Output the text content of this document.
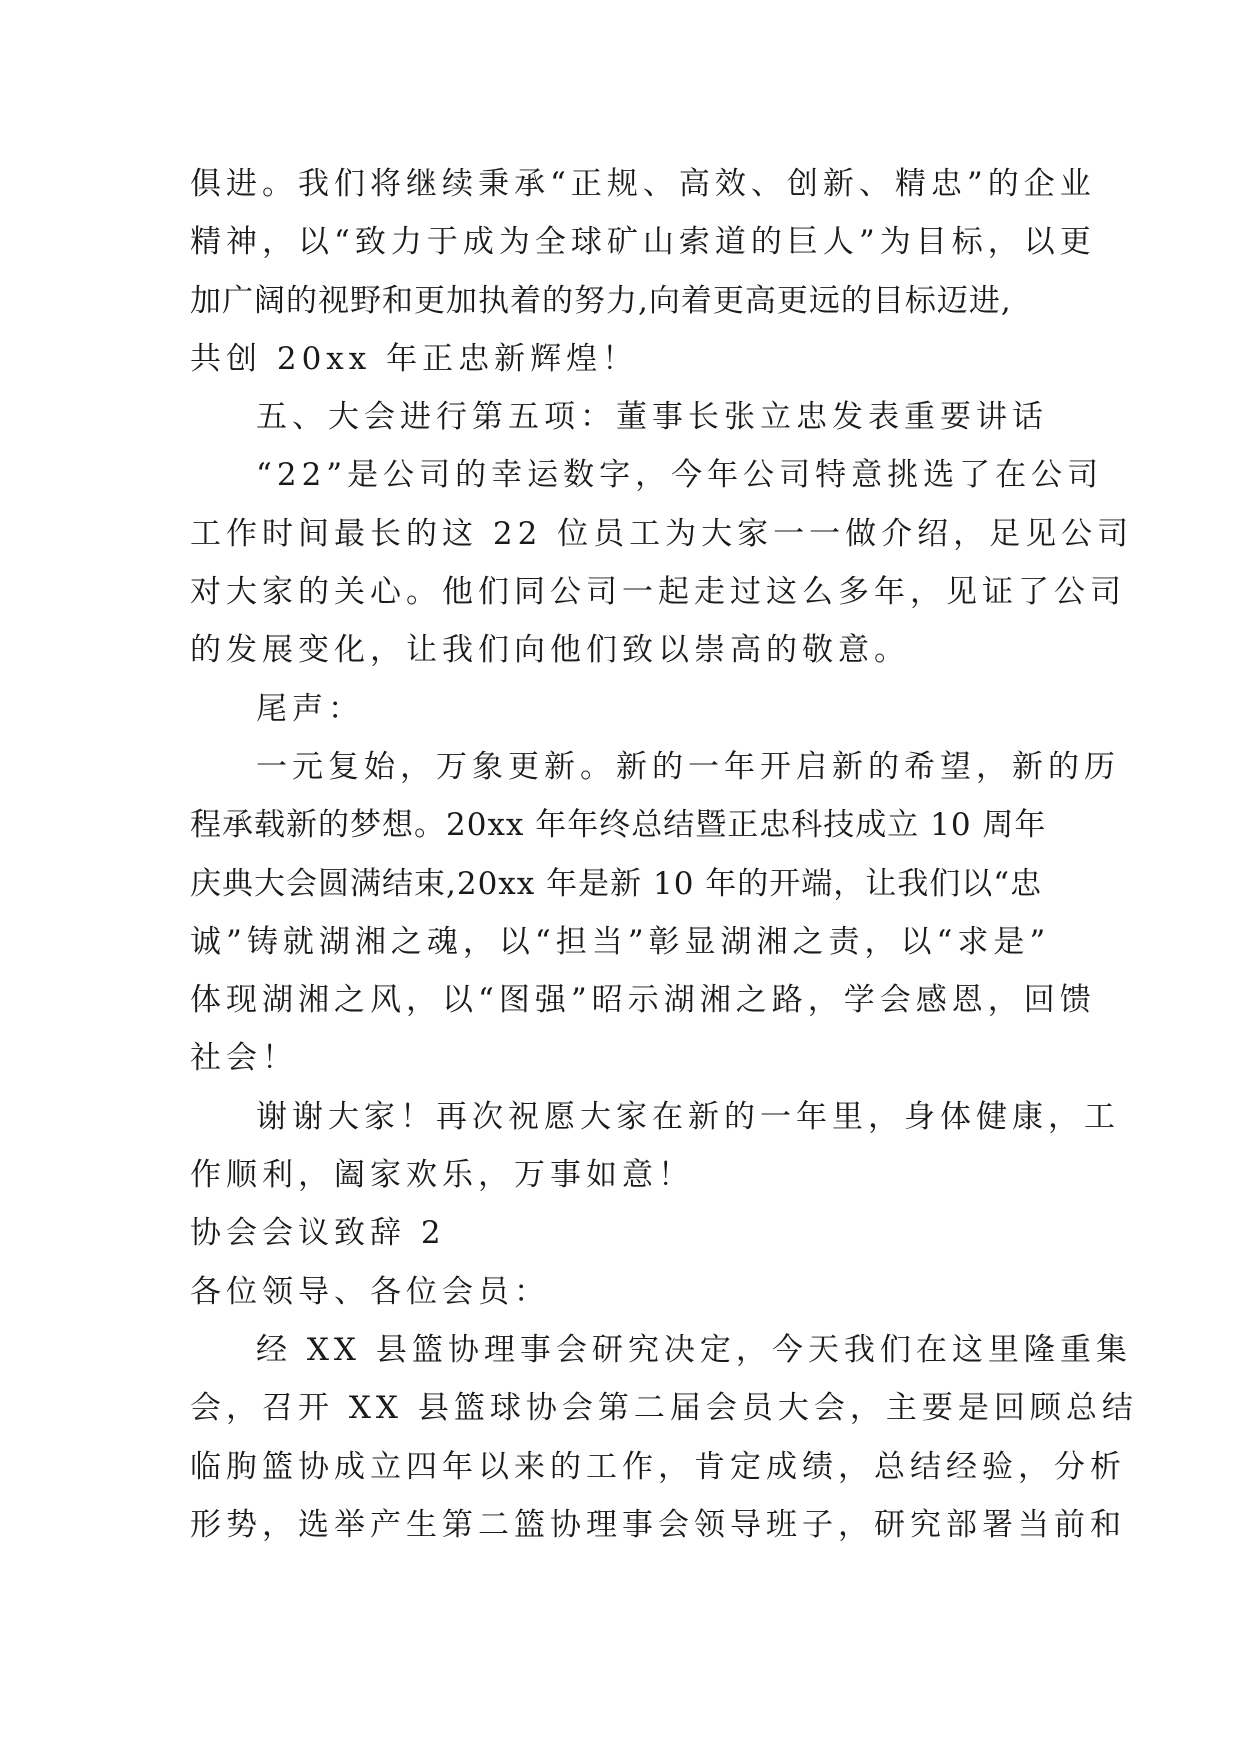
俱进。我们将继续秉承“正规、高效、创新、精忠”的企业
精神，以“致力于成为全球矿山索道的巨人”为目标，以更
加广阔的视野和更加执着的努力,向着更高更远的目标迈进,
共创 20xx 年正忠新辉煌！
五、大会进行第五项：董事长张立忠发表重要讲话
“22”是公司的幸运数字，今年公司特意挑选了在公司
工作时间最长的这 22 位员工为大家一一做介绍，足见公司
对大家的关心。他们同公司一起走过这么多年，见证了公司
的发展变化，让我们向他们致以崇高的敬意。
尾声：
一元复始，万象更新。新的一年开启新的希望，新的历
程承载新的梦想。20xx 年年终总结暨正忠科技成立 10 周年
庆典大会圆满结束,20xx 年是新 10 年的开端，让我们以“忠
诚”铸就湖湘之魂，以“担当”彰显湖湘之责，以“求是”
体现湖湘之风，以“图强”昭示湖湘之路，学会感恩，回馈
社会！
谢谢大家！再次祝愿大家在新的一年里，身体健康，工
作顺利，阖家欢乐，万事如意！
协会会议致辞 2
各位领导、各位会员：
经 XX 县篮协理事会研究决定，今天我们在这里隆重集
会，召开 XX 县篮球协会第二届会员大会，主要是回顾总结
临朐篮协成立四年以来的工作，肯定成绩，总结经验，分析
形势，选举产生第二篮协理事会领导班子，研究部署当前和
